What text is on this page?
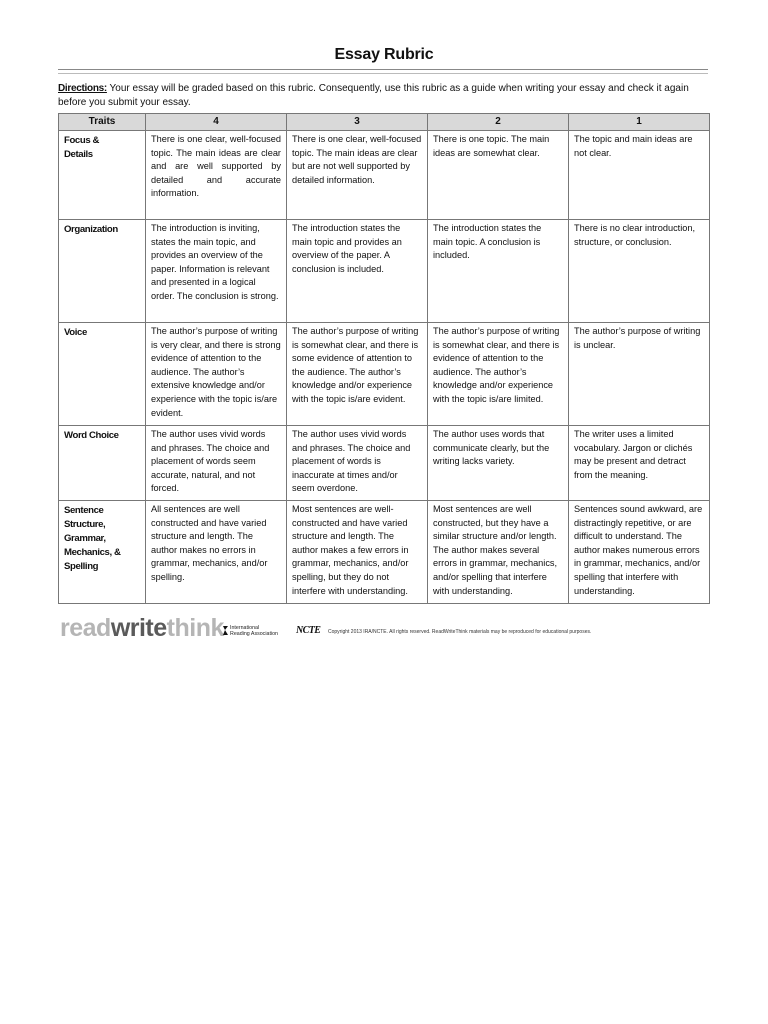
Essay Rubric
Directions: Your essay will be graded based on this rubric. Consequently, use this rubric as a guide when writing your essay and check it again before you submit your essay.
Traits	4	3	2	1
Focus & Details	There is one clear, well-focused topic. The main ideas are clear and are well supported by detailed and accurate information.	There is one clear, well-focused topic. The main ideas are clear but are not well supported by detailed information.	There is one topic. The main ideas are somewhat clear.	The topic and main ideas are not clear.
Organization	The introduction is inviting, states the main topic, and provides an overview of the paper. Information is relevant and presented in a logical order. The conclusion is strong.	The introduction states the main topic and provides an overview of the paper. A conclusion is included.	The introduction states the main topic. A conclusion is included.	There is no clear introduction, structure, or conclusion.
Voice	The author’s purpose of writing is very clear, and there is strong evidence of attention to the audience. The author’s extensive knowledge and/or experience with the topic is/are evident.	The author’s purpose of writing is somewhat clear, and there is some evidence of attention to the audience. The author’s knowledge and/or experience with the topic is/are evident.	The author’s purpose of writing is somewhat clear, and there is evidence of attention to the audience. The author’s knowledge and/or experience with the topic is/are limited.	The author’s purpose of writing is unclear.
Word Choice	The author uses vivid words and phrases. The choice and placement of words seem accurate, natural, and not forced.	The author uses vivid words and phrases. The choice and placement of words is inaccurate at times and/or seem overdone.	The author uses words that communicate clearly, but the writing lacks variety.	The writer uses a limited vocabulary. Jargon or clichés may be present and detract from the meaning.
Sentence Structure, Grammar, Mechanics, & Spelling	All sentences are well constructed and have varied structure and length. The author makes no errors in grammar, mechanics, and/or spelling.	Most sentences are well-constructed and have varied structure and length. The author makes a few errors in grammar, mechanics, and/or spelling, but they do not interfere with understanding.	Most sentences are well constructed, but they have a similar structure and/or length. The author makes several errors in grammar, mechanics, and/or spelling that interfere with understanding.	Sentences sound awkward, are distractingly repetitive, or are difficult to understand. The author makes numerous errors in grammar, mechanics, and/or spelling that interfere with understanding.
readwritethink International
Reading Association NCTE Copyright 2013 IRA/NCTE. All rights reserved. ReadWriteThink materials may be reproduced for educational purposes.
